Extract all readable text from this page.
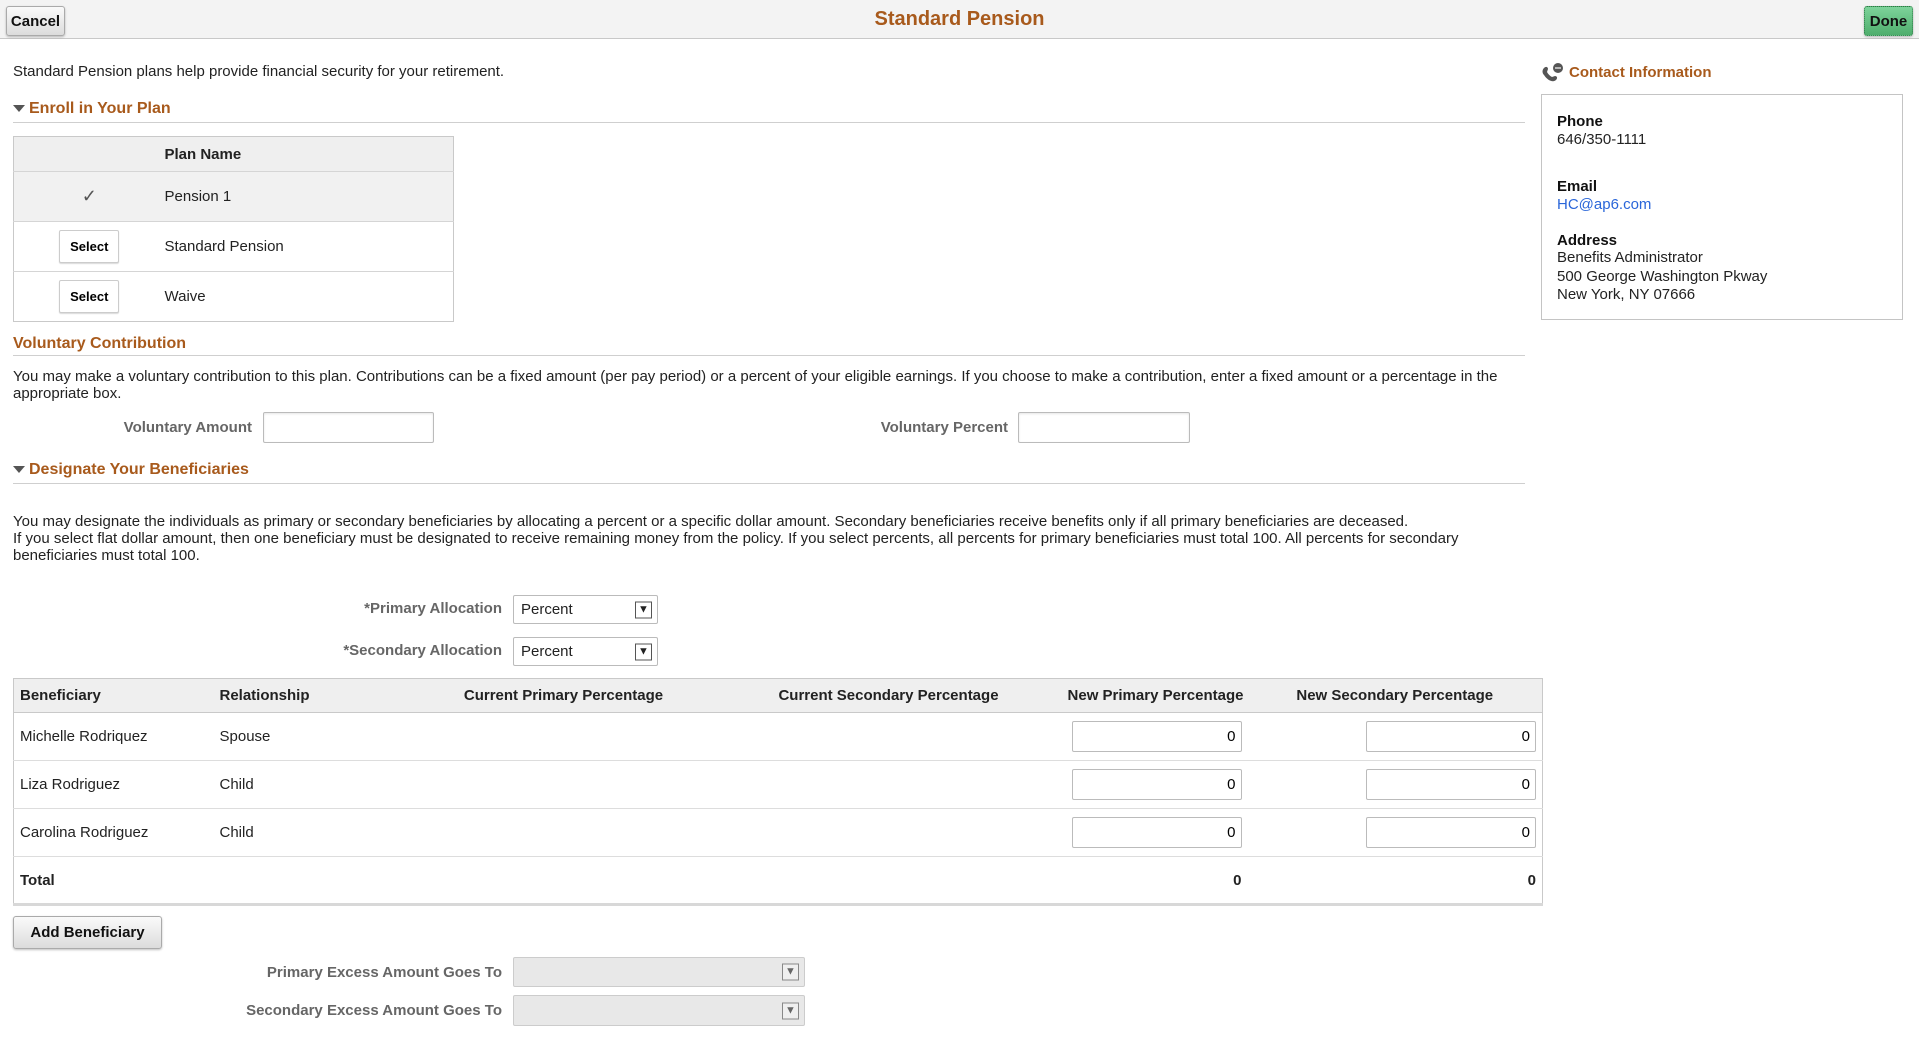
Cancel	Standard Pension	Done
Standard Pension plans help provide financial security for your retirement.
Enroll in Your Plan
	Plan Name
✓	Pension 1
Select	Standard Pension
Select	Waive
Voluntary Contribution
You may make a voluntary contribution to this plan. Contributions can be a fixed amount (per pay period) or a percent of your eligible earnings. If you choose to make a contribution, enter a fixed amount or a percentage in the appropriate box.
Voluntary Amount	Voluntary Percent
Designate Your Beneficiaries
You may designate the individuals as primary or secondary beneficiaries by allocating a percent or a specific dollar amount. Secondary beneficiaries receive benefits only if all primary beneficiaries are deceased.
If you select flat dollar amount, then one beneficiary must be designated to receive remaining money from the policy. If you select percents, all percents for primary beneficiaries must total 100. All percents for secondary beneficiaries must total 100.
*Primary Allocation Percent	▼
*Secondary Allocation Percent	▼
Beneficiary	Relationship	Current Primary Percentage	Current Secondary Percentage	New Primary Percentage	New Secondary Percentage
Michelle Rodriquez	Spouse			0	0
Liza Rodriguez	Child			0	0
Carolina Rodriguez	Child			0	0
Total				0	0
Add Beneficiary
Primary Excess Amount Goes To	▼
Secondary Excess Amount Goes To	▼
Contact Information
Phone
646/350-1111
Email
HC@ap6.com
Address
Benefits Administrator
500 George Washington Pkway
New York, NY 07666
